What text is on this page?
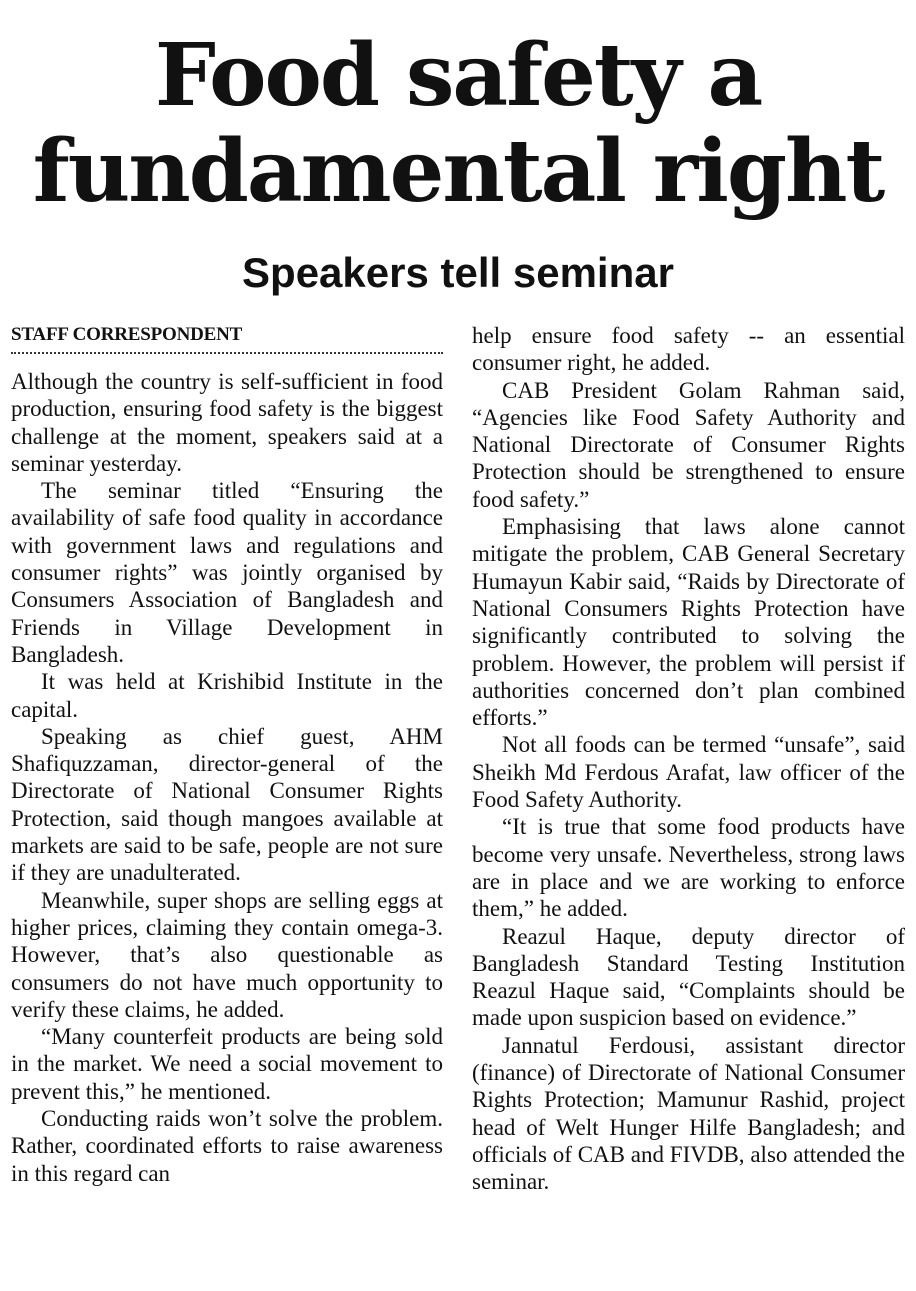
Food safety a
fundamental right
Speakers tell seminar
STAFF CORRESPONDENT

Although the country is self-sufficient in food production, ensuring food safety is the biggest challenge at the moment, speakers said at a seminar yesterday.

The seminar titled “Ensuring the availability of safe food quality in accordance with government laws and regulations and consumer rights” was jointly organised by Consumers Association of Bangladesh and Friends in Village Development in Bangladesh.

It was held at Krishibid Institute in the capital.

Speaking as chief guest, AHM Shafiquzzaman, director-general of the Directorate of National Consumer Rights Protection, said though mangoes available at markets are said to be safe, people are not sure if they are unadulterated.

Meanwhile, super shops are selling eggs at higher prices, claiming they contain omega-3. However, that’s also questionable as consumers do not have much opportunity to verify these claims, he added.

“Many counterfeit products are being sold in the market. We need a social movement to prevent this,” he mentioned.

Conducting raids won’t solve the problem. Rather, coordinated efforts to raise awareness in this regard can

help ensure food safety -- an essential consumer right, he added.

CAB President Golam Rahman said, “Agencies like Food Safety Authority and National Directorate of Consumer Rights Protection should be strengthened to ensure food safety.”

Emphasising that laws alone cannot mitigate the problem, CAB General Secretary Humayun Kabir said, “Raids by Directorate of National Consumers Rights Protection have significantly contributed to solving the problem. However, the problem will persist if authorities concerned don’t plan combined efforts.”

Not all foods can be termed “unsafe”, said Sheikh Md Ferdous Arafat, law officer of the Food Safety Authority.

“It is true that some food products have become very unsafe. Nevertheless, strong laws are in place and we are working to enforce them,” he added.

Reazul Haque, deputy director of Bangladesh Standard Testing Institution Reazul Haque said, “Complaints should be made upon suspicion based on evidence.”

Jannatul Ferdousi, assistant director (finance) of Directorate of National Consumer Rights Protection; Mamunur Rashid, project head of Welt Hunger Hilfe Bangladesh; and officials of CAB and FIVDB, also attended the seminar.
